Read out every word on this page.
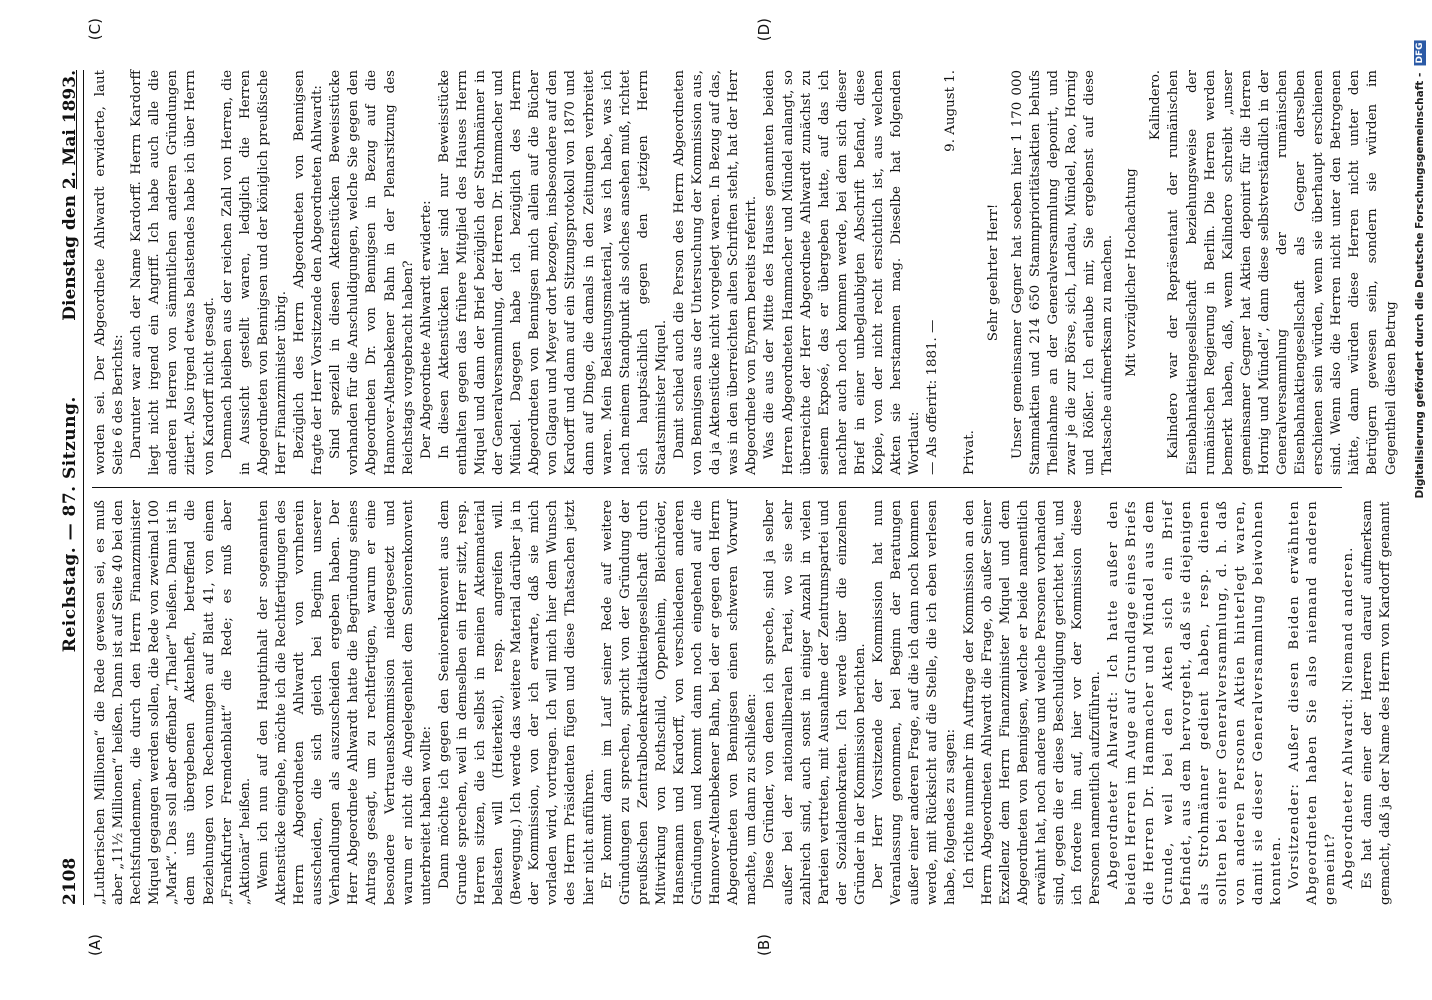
Digitalisierung gefördert durch die Deutsche Forschungsgemeinschaft - DFG
2108
Reichstag. — 87. Sitzung.
Dienstag den 2. Mai 1893.
(A)	(B)
(C)	(D)

„Lutherischen Millionen“ die Rede gewesen sei, es muß aber „11½ Millionen“ heißen. Dann ist auf Seite 40 bei den Rechtsfundenmen, die durch den Herrn Finanzminister Miquel gegangen werden sollen, die Rede von zweimal 100 „Mark“. Das soll aber offenbar „Thaler“ heißen. Dann ist in dem uns übergebenen Aktenheft, betreffend die Beziehungen von Rechenungen auf Blatt 41, von einem „Frankfurter Fremdenblatt“ die Rede; es muß aber „Aktionär“ heißen. Wenn ich nun auf den Hauptinhalt der sogenannten Aktenstücke eingehe, möchte ich die Rechtfertigungen des Herrn Abgeordneten Ahlwardt von vornherein ausscheiden, die sich gleich bei Beginn unserer Verhandlungen als auszuscheiden ergeben haben. Der Herr Abgeordnete Ahlwardt hatte die Begründung seines Antrags gesagt, um zu rechtfertigen, warum er eine besondere Vertrauenskommission niedergesetzt und warum er nicht die Angelegenheit dem Seniorenkonvent unterbreitet haben wollte: Dann möchte ich gegen den Seniorenkonvent aus dem Grunde sprechen, weil in demselben ein Herr sitzt, resp. Herren sitzen, die ich selbst in meinen Aktenmaterial belasten will (Heiterkeit), resp. angreifen will. (Bewegung.) Ich werde das weitere Material darüber ja in der Kommission, von der ich erwarte, daß sie mich vorladen wird, vortragen. Ich will mich hier dem Wunsch des Herrn Präsidenten fügen und diese Thatsachen jetzt hier nicht anführen. Er kommt dann im Lauf seiner Rede auf weitere Gründungen zu sprechen, spricht von der Gründung der preußischen Zentralbodenkreditaktiengesellschaft durch Mitwirkung von Rothschild, Oppenheim, Bleichröder, Hansemann und Kardorff, von verschiedenen anderen Gründungen und kommt dann noch eingehend auf die Hannover-Altenbekener Bahn, bei der er gegen den Herrn Abgeordneten von Bennigsen einen schweren Vorwurf machte, um dann zu schließen: Diese Gründer, von denen ich spreche, sind ja selber außer bei der nationalliberalen Partei, wo sie sehr zahlreich sind, auch sonst in einiger Anzahl in vielen Parteien vertreten, mit Ausnahme der Zentrumspartei und der Sozialdemokraten. Ich werde über die einzelnen Gründer in der Kommission berichten. Der Herr Vorsitzende der Kommission hat nun Veranlassung genommen, bei Beginn der Beratungen außer einer anderen Frage, auf die ich dann noch kommen werde, mit Rücksicht auf die Stelle, die ich eben verlesen habe, folgendes zu sagen: Ich richte nunmehr im Auftrage der Kommission an den Herrn Abgeordneten Ahlwardt die Frage, ob außer Seiner Exzellenz dem Herrn Finanzminister Miquel und dem Abgeordneten von Bennigsen, welche er beide namentlich erwähnt hat, noch andere und welche Personen vorhanden sind, gegen die er diese Beschuldigung gerichtet hat, und ich fordere ihn auf, hier vor der Kommission diese Personen namentlich aufzuführen. Abgeordneter Ahlwardt: Ich hatte außer den beiden Herren im Auge auf Grundlage eines Briefs die Herren Dr. Hammacher und Mündel aus dem Grunde, weil bei den Akten sich ein Brief befindet, aus dem hervorgeht, daß sie diejenigen als Strohmänner gedient haben, resp. dienen sollten bei einer Generalversammlung, d. h. daß von anderen Personen Aktien hinterlegt waren, damit sie dieser Generalversammlung beiwohnen konnten. Vorsitzender: Außer diesen Beiden erwähnten Abgeordneten haben Sie also niemand anderen gemeint? Abgeordneter Ahlwardt: Niemand anderen. Es hat dann einer der Herren darauf aufmerksam gemacht, daß ja der Name des Herrn von Kardorff genannt

worden sei. Der Abgeordnete Ahlwardt erwiderte, laut Seite 6 des Berichts: Darunter war auch der Name Kardorff. Herrn Kardorff liegt nicht irgend ein Angriff. Ich habe auch alle die anderen Herren von sämmtlichen anderen Gründungen zitiert. Also irgend etwas belastendes habe ich über Herrn von Kardorff nicht gesagt. Demnach bleiben aus der reichen Zahl von Herren, die in Aussicht gestellt waren, lediglich die Herren Abgeordneten von Bennigsen und der königlich preußische Herr Finanzminister übrig. Bezüglich des Herrn Abgeordneten von Bennigsen fragte der Herr Vorsitzende den Abgeordneten Ahlwardt: Sind speziell in diesen Aktenstücken Beweisstücke vorhanden für die Anschuldigungen, welche Sie gegen den Abgeordneten Dr. von Bennigsen in Bezug auf die Hannover-Altenbekener Bahn in der Plenarsitzung des Reichstags vorgebracht haben? Der Abgeordnete Ahlwardt erwiderte: In diesen Aktenstücken hier sind nur Beweisstücke enthalten gegen das frühere Mitglied des Hauses Herrn Miquel und dann der Brief bezüglich der Strohmänner in der Generalversammlung, der Herren Dr. Hammacher und Mündel. Dagegen habe ich bezüglich des Herrn Abgeordneten von Bennigsen mich allein auf die Bücher von Glagau und Meyer dort bezogen, insbesondere auf den Kardorff und dann auf ein Sitzungsprotokoll von 1870 und dann auf Dinge, die damals in den Zeitungen verbreitet waren. Mein Belastungsmaterial, was ich habe, was ich nach meinem Standpunkt als solches ansehen muß, richtet sich hauptsächlich gegen den jetzigen Herrn Staatsminister Miquel. Damit schied auch die Person des Herrn Abgeordneten von Bennigsen aus der Untersuchung der Kommission aus, da ja Aktenstücke nicht vorgelegt waren. In Bezug auf das, was in den überreichten alten Schriften steht, hat der Herr Abgeordnete von Eynern bereits referirt. Was die aus der Mitte des Hauses genannten beiden Herren Abgeordneten Hammacher und Mündel anlangt, so überreichte der Herr Abgeordnete Ahlwardt zunächst zu seinem Exposé, das er übergeben hatte, auf das ich nachher auch noch kommen werde, bei dem sich dieser Brief in einer unbeglaubigten Abschrift befand, diese Kopie, von der nicht recht ersichtlich ist, aus welchen Akten sie herstammen mag. Dieselbe hat folgenden Wortlaut: — Als offerirt: 1881. —

9. August 1.

Privat.

Sehr geehrter Herr! Unser gemeinsamer Gegner hat soeben hier 1 170 000 Stammaktien und 214 650 Stammprioritätsaktien behufs Theilnahme an der Generalversammlung deponirt, und zwar je die zur Börse, sich, Landau, Mündel, Rao, Hornig und Rößler. Ich erlaube mir, Sie ergebenst auf diese Thatsache aufmerksam zu machen. Mit vorzüglicher Hochachtung

Kalindero. Kalindero war der Repräsentant der rumänischen Eisenbahnaktiengesellschaft beziehungsweise der rumänischen Regierung in Berlin. Die Herren werden bemerkt haben, daß, wenn Kalindero schreibt „unser gemeinsamer Gegner hat Aktien deponirt für die Herren Hornig und Mündel“, dann diese selbstverständlich in der Generalversammlung der rumänischen Eisenbahnaktiengesellschaft als Gegner derselben erschienen sein würden, wenn sie überhaupt erschienen sind. Wenn also die Herren nicht unter den Betrogenen hätte, dann würden diese Herren nicht unter den Betrügern gewesen sein, sondern sie würden im Gegentheil diesen Betrug
